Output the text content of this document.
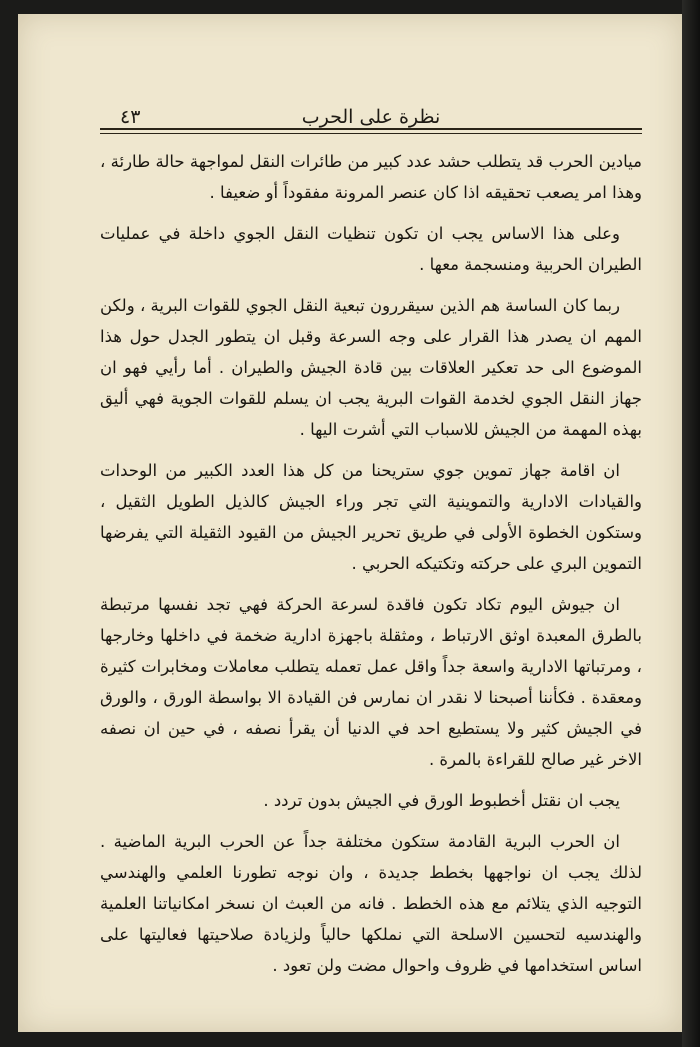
نظرة على الحرب
٤٣

ميادين الحرب قد يتطلب حشد عدد كبير من طائرات النقل لمواجهة حالة طارئة ، وهذا امر يصعب تحقيقه اذا كان عنصر المرونة مفقوداً أو ضعيفا .

وعلى هذا الاساس يجب ان تكون تنظيات النقل الجوي داخلة في عمليات الطيران الحربية ومنسجمة معها .

ربما كان الساسة هم الذين سيقررون تبعية النقل الجوي للقوات البرية ، ولكن المهم ان يصدر هذا القرار على وجه السرعة وقبل ان يتطور الجدل حول هذا الموضوع الى حد تعكير العلاقات بين قادة الجيش والطيران . أما رأيي فهو ان جهاز النقل الجوي لخدمة القوات البرية يجب ان يسلم للقوات الجوية فهي أليق بهذه المهمة من الجيش للاسباب التي أشرت اليها .

ان اقامة جهاز تموين جوي ستريحنا من كل هذا العدد الكبير من الوحدات والقيادات الادارية والتموينية التي تجر وراء الجيش كالذيل الطويل الثقيل ، وستكون الخطوة الأولى في طريق تحرير الجيش من القيود الثقيلة التي يفرضها التموين البري على حركته وتكتيكه الحربي .

ان جيوش اليوم تكاد تكون فاقدة لسرعة الحركة فهي تجد نفسها مرتبطة بالطرق المعبدة اوثق الارتباط ، ومثقلة باجهزة ادارية ضخمة في داخلها وخارجها ، ومرتباتها الادارية واسعة جداً واقل عمل تعمله يتطلب معاملات ومخابرات كثيرة ومعقدة . فكأننا أصبحنا لا نقدر ان نمارس فن القيادة الا بواسطة الورق ، والورق في الجيش كثير ولا يستطيع احد في الدنيا أن يقرأ نصفه ، في حين ان نصفه الاخر غير صالح للقراءة بالمرة .

يجب ان نقتل أخطبوط الورق في الجيش بدون تردد .

ان الحرب البرية القادمة ستكون مختلفة جداً عن الحرب البرية الماضية . لذلك يجب ان نواجهها بخطط جديدة ، وان نوجه تطورنا العلمي والهندسي التوجيه الذي يتلائم مع هذه الخطط . فانه من العبث ان نسخر امكانياتنا العلمية والهندسيه لتحسين الاسلحة التي نملكها حالياً ولزيادة صلاحيتها فعاليتها على اساس استخدامها في ظروف واحوال مضت ولن تعود .
